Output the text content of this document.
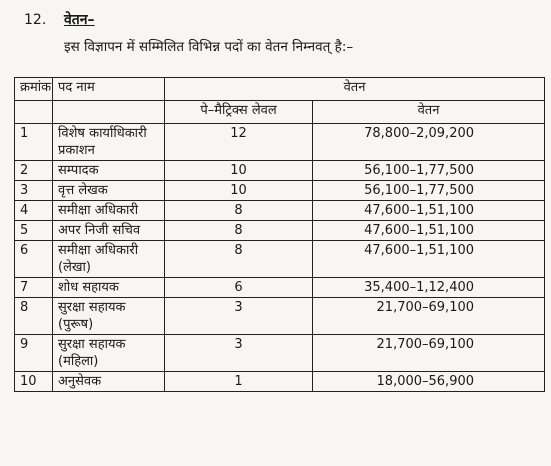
12. वेतन–
इस विज्ञापन में सम्मिलित विभिन्न पदों का वेतन निम्नवत् है:–
क्रमांक	पद नाम	वेतन	
		पे–मैट्रिक्स लेवल	वेतन
1	विशेष कार्याधिकारी प्रकाशन	12	78,800–2,09,200
2	सम्पादक	10	56,100–1,77,500
3	वृत्त लेखक	10	56,100–1,77,500
4	समीक्षा अधिकारी	8	47,600–1,51,100
5	अपर निजी सचिव	8	47,600–1,51,100
6	समीक्षा अधिकारी (लेखा)	8	47,600–1,51,100
7	शोध सहायक	6	35,400–1,12,400
8	सुरक्षा सहायक (पुरूष)	3	21,700–69,100
9	सुरक्षा सहायक (महिला)	3	21,700–69,100
10	अनुसेवक	1	18,000–56,900
